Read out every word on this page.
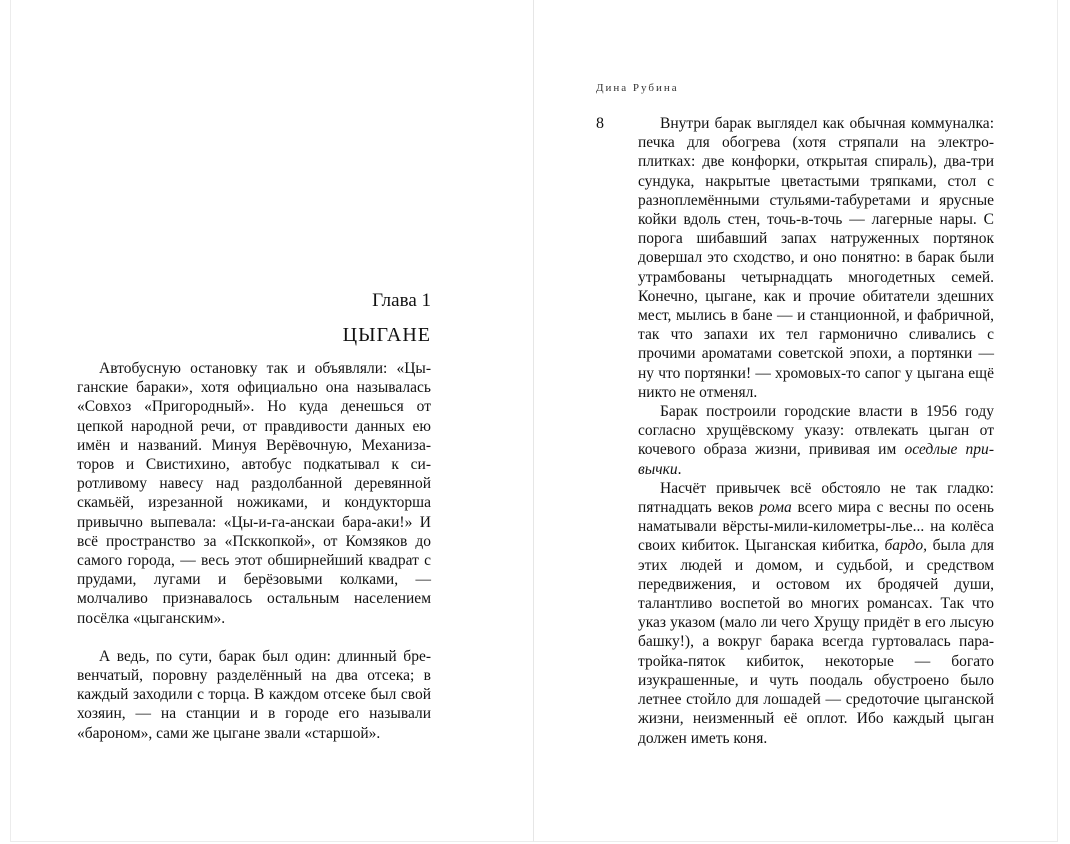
Глава 1
ЦЫГАНЕ

Автобусную остановку так и объявляли: «Цыганские бараки», хотя официально она называлась «Совхоз «Пригородный». Но куда денешься от цепкой народной речи, от правдивости данных ею имён и названий. Минуя Верёвочную, Механизаторов и Свистихино, автобус подкатывал к сиротливому навесу над раздолбанной деревянной скамьёй, изрезанной ножиками, и кондукторша привычно выпевала: «Цы-и-га-анскаи бара-аки!» И всё пространство за «Псккопкой», от Комзяков до самого города, — весь этот обширнейший квадрат с прудами, лугами и берёзовыми колками, — молчаливо признавалось остальным населением посёлка «цыганским».

А ведь, по сути, барак был один: длинный бревенчатый, поровну разделённый на два отсека; в каждый заходили с торца. В каждом отсеке был свой хозяин, — на станции и в городе его называли «бароном», сами же цыгане звали «старшой».

Дина Рубина
8	Внутри барак выглядел как обычная коммуналка: печка для обогрева (хотя стряпали на электроплитках: две конфорки, открытая спираль), два-три сундука, накрытые цветастыми тряпками, стол с разноплемёнными стульями-табуретами и ярусные койки вдоль стен, точь-в-точь — лагерные нары. С порога шибавший запах натруженных портянок довершал это сходство, и оно понятно: в барак были утрамбованы четырнадцать многодетных семей. Конечно, цыгане, как и прочие обитатели здешних мест, мылись в бане — и станционной, и фабричной, так что запахи их тел гармонично сливались с прочими ароматами советской эпохи, а портянки — ну что портянки! — хромовых-то сапог у цыгана ещё никто не отменял.

Барак построили городские власти в 1956 году согласно хрущёвскому указу: отвлекать цыган от кочевого образа жизни, прививая им оседлые привычки.

Насчёт привычек всё обстояло не так гладко: пятнадцать веков рома всего мира с весны по осень наматывали вёрсты-мили-километры-лье... на колёса своих кибиток. Цыганская кибитка, бардо, была для этих людей и домом, и судьбой, и средством передвижения, и остовом их бродячей души, талантливо воспетой во многих романсах. Так что указ указом (мало ли чего Хрущу придёт в его лысую башку!), а вокруг барака всегда гуртовалась пара-тройка-пяток кибиток, некоторые — богато изукрашенные, и чуть поодаль обустроено было летнее стойло для лошадей — средоточие цыганской жизни, неизменный её оплот. Ибо каждый цыган должен иметь коня.
